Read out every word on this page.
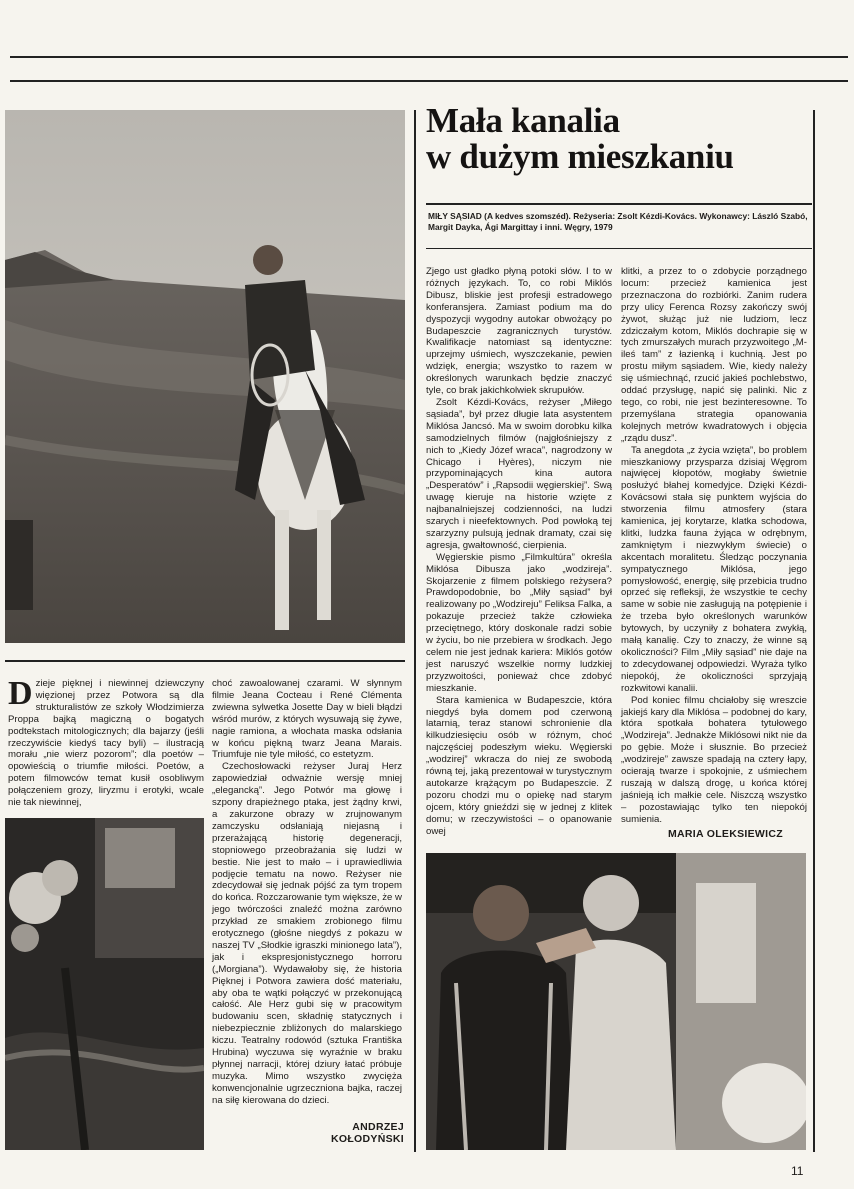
Dzieje pięknej i niewinnej dziewczyny więzionej przez Potwora są dla strukturalistów ze szkoły Włodzimierza Proppa bajką magiczną o bogatych podtekstach mitologicznych; dla bajarzy (jeśli rzeczywiście kiedyś tacy byli) – ilustracją morału „nie wierz pozorom”; dla poetów – opowieścią o triumfie miłości. Poetów, a potem filmowców temat kusił osobliwym połączeniem grozy, liryzmu i erotyki, wcale nie tak niewinnej,

choć zawoalowanej czarami. W słynnym filmie Jeana Cocteau i René Clémenta zwiewna sylwetka Josette Day w bieli błądzi wśród murów, z których wysuwają się żywe, nagie ramiona, a włochata maska odsłania w końcu piękną twarz Jeana Marais. Triumfuje nie tyle miłość, co estetyzm.

Czechosłowacki reżyser Juraj Herz zapowiedział odważnie wersję mniej „elegancką”. Jego Potwór ma głowę i szpony drapieżnego ptaka, jest żądny krwi, a zakurzone obrazy w zrujnowanym zamczysku odsłaniają niejasną i przerażającą historię degeneracji, stopniowego przeobrażania się ludzi w bestie. Nie jest to mało – i uprawiedliwia podjęcie tematu na nowo. Reżyser nie zdecydował się jednak pójść za tym tropem do końca. Rozczarowanie tym większe, że w jego twórczości znaleźć można zarówno przykład ze smakiem zrobionego filmu erotycznego (głośne niegdyś z pokazu w naszej TV „Słodkie igraszki minionego lata”), jak i ekspresjonistycznego horroru („Morgiana”). Wydawałoby się, że historia Pięknej i Potwora zawiera dość materiału, aby oba te wątki połączyć w przekonującą całość. Ale Herz gubi się w pracowitym budowaniu scen, składnię statycznych i niebezpiecznie zbliżonych do malarskiego kiczu. Teatralny rodowód (sztuka Františka Hrubina) wyczuwa się wyraźnie w braku płynnej narracji, której dziury łatać próbuje muzyka. Mimo wszystko zwycięża konwencjonalnie ugrzeczniona bajka, raczej na siłę kierowana do dzieci.

ANDRZEJ
KOŁODYŃSKI
Mała kanalia
w dużym mieszkaniu
MIŁY SĄSIAD (A kedves szomszéd). Reżyseria: Zsolt Kézdi-Kovács. Wykonawcy: László Szabó, Margit Dayka, Ági Margittay i inni. Węgry, 1979

Zjego ust gładko płyną potoki słów. I to w różnych językach. To, co robi Miklós Dibusz, bliskie jest profesji estradowego konferansjera. Zamiast podium ma do dyspozycji wygodny autokar obwożący po Budapeszcie zagranicznych turystów. Kwalifikacje natomiast są identyczne: uprzejmy uśmiech, wyszczekanie, pewien wdzięk, energia; wszystko to razem w określonych warunkach będzie znaczyć tyle, co brak jakichkolwiek skrupułów.

Zsolt Kézdi-Kovács, reżyser „Miłego sąsiada”, był przez długie lata asystentem Miklósa Jancsó. Ma w swoim dorobku kilka samodzielnych filmów (najgłośniejszy z nich to „Kiedy Józef wraca”, nagrodzony w Chicago i Hyères), niczym nie przypominających kina autora „Desperatów” i „Rapsodii węgierskiej”. Swą uwagę kieruje na historie wzięte z najbanalniejszej codzienności, na ludzi szarych i nieefektownych. Pod powłoką tej szarzyzny pulsują jednak dramaty, czai się agresja, gwałtowność, cierpienia.

Węgierskie pismo „Filmkultúra” określa Miklósa Dibusza jako „wodzireja”. Skojarzenie z filmem polskiego reżysera? Prawdopodobnie, bo „Miły sąsiad” był realizowany po „Wodzireju” Feliksa Falka, a pokazuje przecież także człowieka przeciętnego, który doskonale radzi sobie w życiu, bo nie przebiera w środkach. Jego celem nie jest jednak kariera: Miklós gotów jest naruszyć wszelkie normy ludzkiej przyzwoitości, ponieważ chce zdobyć mieszkanie.

Stara kamienica w Budapeszcie, która niegdyś była domem pod czerwoną latarnią, teraz stanowi schronienie dla kilkudziesięciu osób w różnym, choć najczęściej podeszłym wieku. Węgierski „wodzirej” wkracza do niej ze swobodą równą tej, jaką prezentował w turystycznym autokarze krążącym po Budapeszcie. Z pozoru chodzi mu o opiekę nad starym ojcem, który gnieździ się w jednej z klitek domu; w rzeczywistości – o opanowanie owej

klitki, a przez to o zdobycie porządnego locum: przecież kamienica jest przeznaczona do rozbiórki. Zanim rudera przy ulicy Ferenca Rozsy zakończy swój żywot, służąc już nie ludziom, lecz zdziczałym kotom, Miklós dochrapie się w tych zmurszałych murach przyzwoitego „M-ileś tam” z łazienką i kuchnią. Jest po prostu miłym sąsiadem. Wie, kiedy należy się uśmiechnąć, rzucić jakieś pochlebstwo, oddać przysługę, napić się palinki. Nic z tego, co robi, nie jest bezinteresowne. To przemyślana strategia opanowania kolejnych metrów kwadratowych i objęcia „rządu dusz”.

Ta anegdota „z życia wzięta”, bo problem mieszkaniowy przysparza dzisiaj Węgrom najwięcej kłopotów, mogłaby świetnie posłużyć błahej komedyjce. Dzięki Kézdi-Kovácsowi stała się punktem wyjścia do stworzenia filmu atmosfery (stara kamienica, jej korytarze, klatka schodowa, klitki, ludzka fauna żyjąca w odrębnym, zamkniętym i niezwykłym świecie) o akcentach moralitetu. Śledząc poczynania sympatycznego Miklósa, jego pomysłowość, energię, siłę przebicia trudno oprzeć się refleksji, że wszystkie te cechy same w sobie nie zasługują na potępienie i że trzeba było określonych warunków bytowych, by uczyniły z bohatera zwykłą, małą kanalię. Czy to znaczy, że winne są okoliczności? Film „Miły sąsiad” nie daje na to zdecydowanej odpowiedzi. Wyraża tylko niepokój, że okoliczności sprzyjają rozkwitowi kanalii.

Pod koniec filmu chciałoby się wreszcie jakiejś kary dla Miklósa – podobnej do kary, która spotkała bohatera tytułowego „Wodzireja”. Jednakże Miklósowi nikt nie da po gębie. Może i słusznie. Bo przecież „wodzireje” zawsze spadają na cztery łapy, ocierają twarze i spokojnie, z uśmiechem ruszają w dalszą drogę, u końca której jaśnieją ich małkie cele. Niszczą wszystko – pozostawiając tylko ten niepokój sumienia.

MARIA OLEKSIEWICZ
11
